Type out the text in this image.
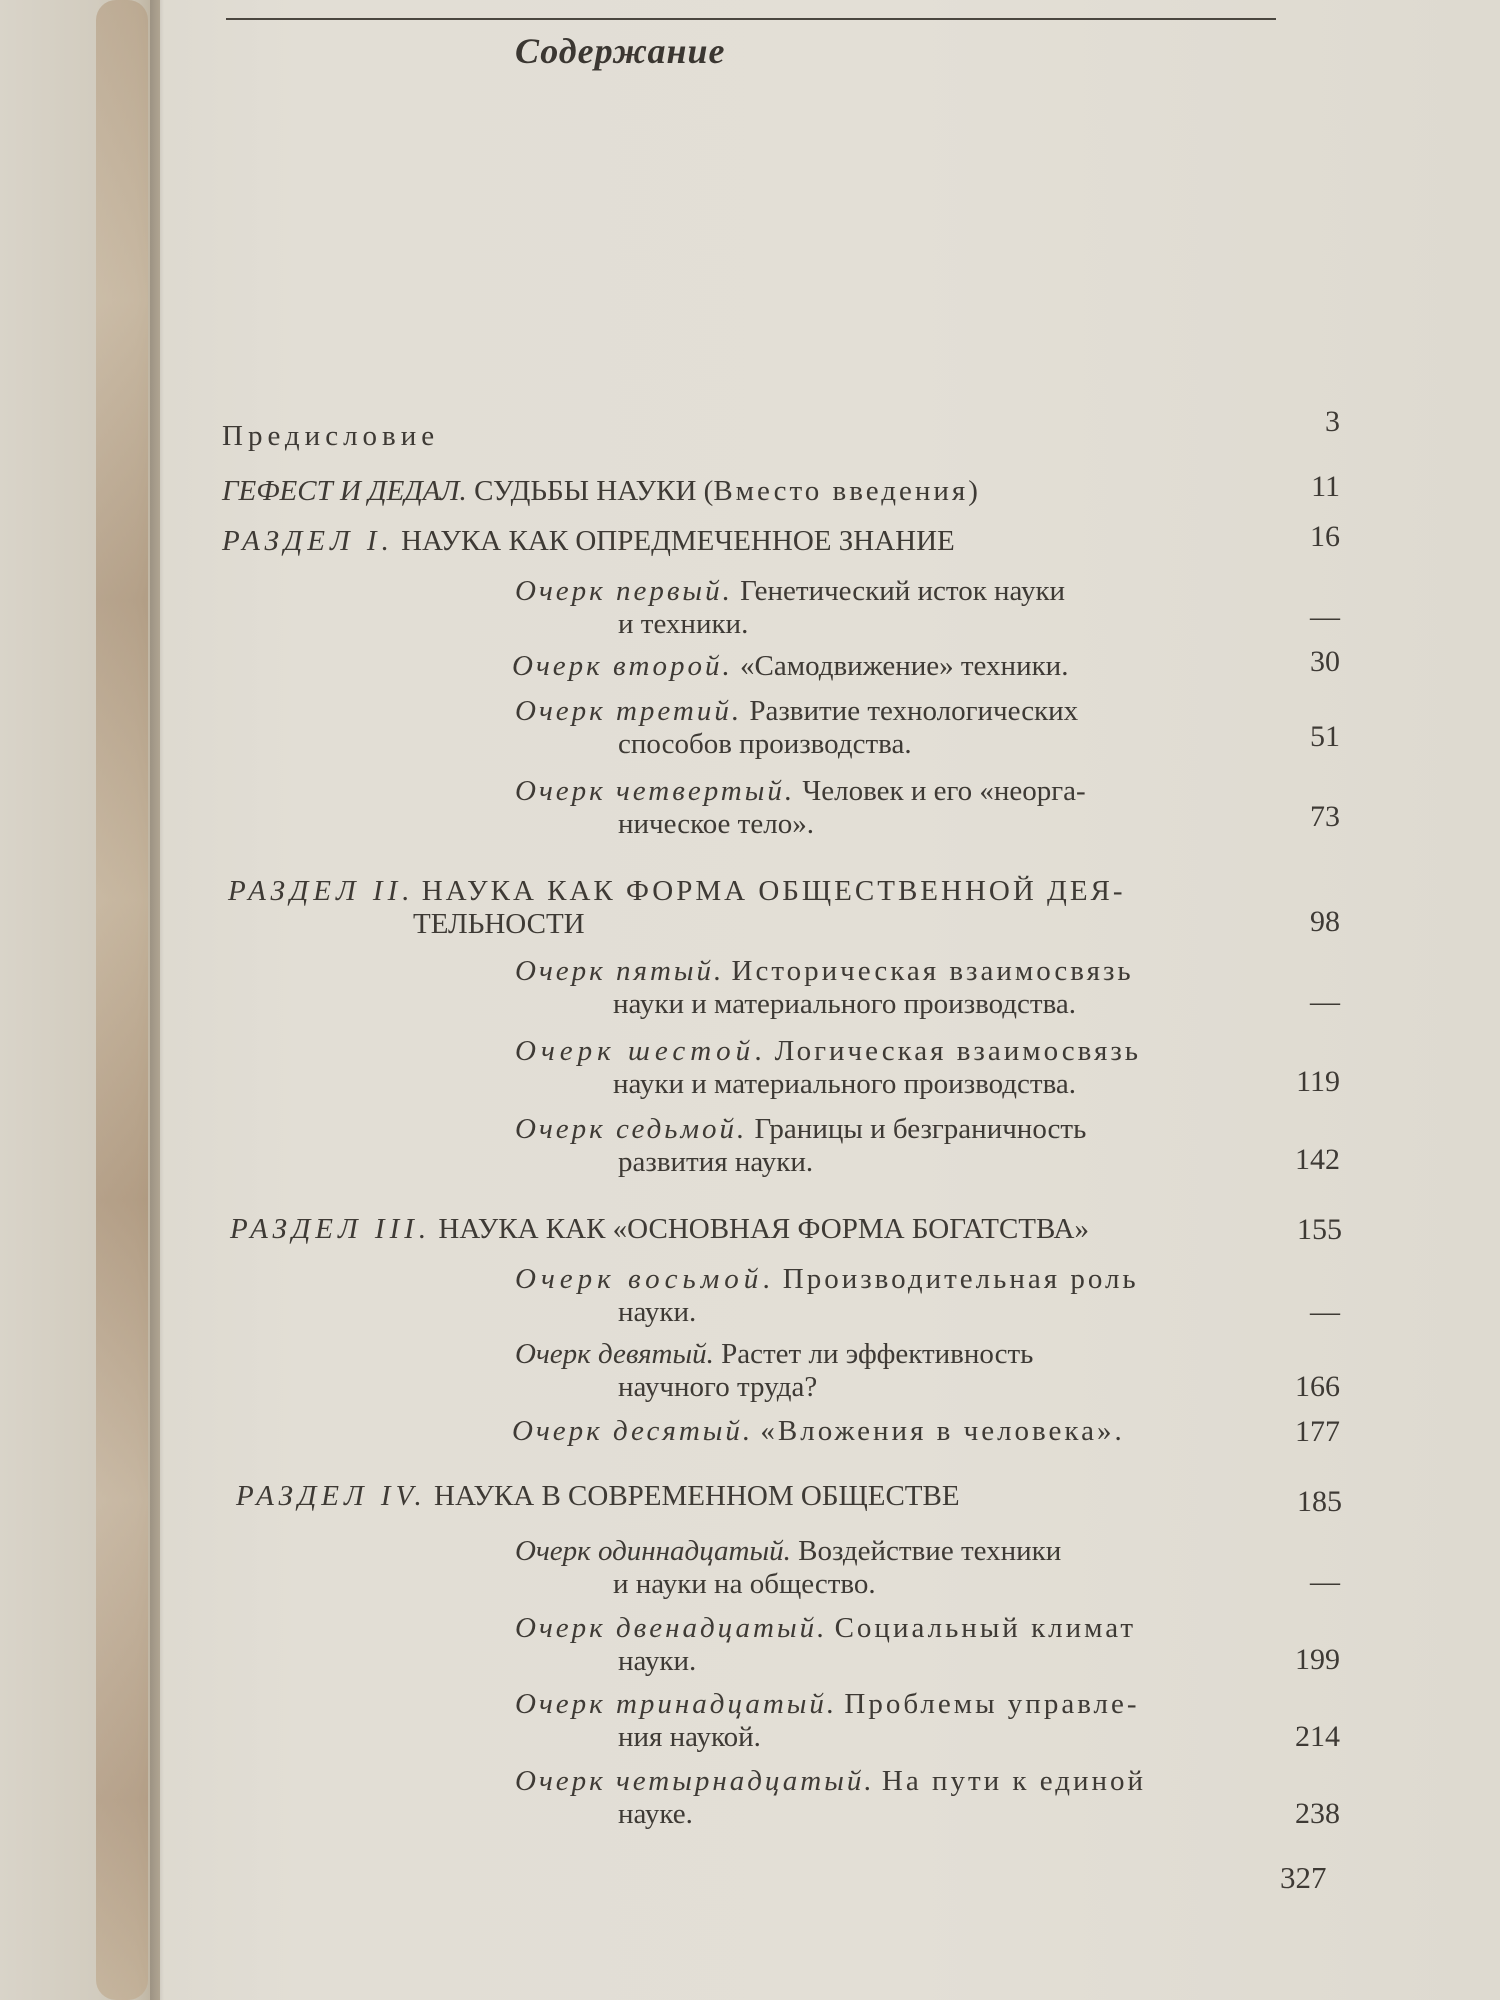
Содержание
Предисловие	3
ГЕФЕСТ И ДЕДАЛ. СУДЬБЫ НАУКИ (Вместо введения)	11
РАЗДЕЛ I. НАУКА КАК ОПРЕДМЕЧЕННОЕ ЗНАНИЕ	16
Очерк первый. Генетический исток науки
и техники.	—
Очерк второй. «Самодвижение» техники.	30
Очерк третий. Развитие технологических
способов производства.	51
Очерк четвертый. Человек и его «неорга-
ническое тело».	73
РАЗДЕЛ II. НАУКА КАК ФОРМА ОБЩЕСТВЕННОЙ ДЕЯ-
ТЕЛЬНОСТИ	98
Очерк пятый. Историческая взаимосвязь
науки и материального производства.	—
Очерк шестой. Логическая взаимосвязь
науки и материального производства.	119
Очерк седьмой. Границы и безграничность
развития науки.	142
РАЗДЕЛ III. НАУКА КАК «ОСНОВНАЯ ФОРМА БОГАТСТВА»	155
Очерк восьмой. Производительная роль
науки.	—
Очерк девятый. Растет ли эффективность
научного труда?	166
Очерк десятый. «Вложения в человека».	177
РАЗДЕЛ IV. НАУКА В СОВРЕМЕННОМ ОБЩЕСТВЕ	185
Очерк одиннадцатый. Воздействие техники
и науки на общество.	—
Очерк двенадцатый. Социальный климат
науки.	199
Очерк тринадцатый. Проблемы управле-
ния наукой.	214
Очерк четырнадцатый. На пути к единой
науке.	238
327
